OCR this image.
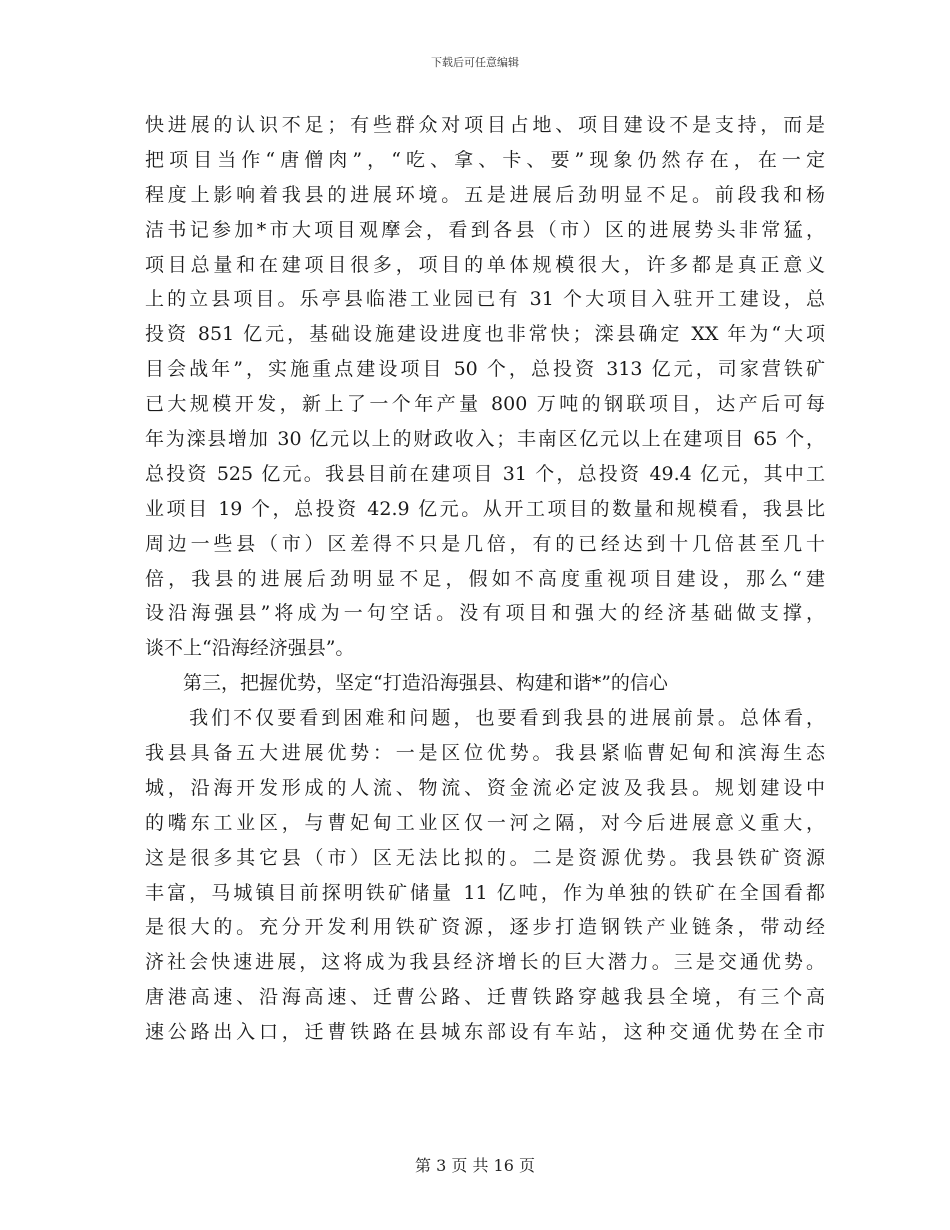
下载后可任意编辑
快进展的认识不足；有些群众对项目占地、项目建设不是支持，而是
把项目当作“唐僧肉”，“吃、拿、卡、要”现象仍然存在，在一定
程度上影响着我县的进展环境。五是进展后劲明显不足。前段我和杨
洁书记参加*市大项目观摩会，看到各县（市）区的进展势头非常猛，
项目总量和在建项目很多，项目的单体规模很大，许多都是真正意义
上的立县项目。乐亭县临港工业园已有 31 个大项目入驻开工建设，总
投资 851 亿元，基础设施建设进度也非常快；滦县确定 XX 年为“大项
目会战年”，实施重点建设项目 50 个，总投资 313 亿元，司家营铁矿
已大规模开发，新上了一个年产量 800 万吨的钢联项目，达产后可每
年为滦县增加 30 亿元以上的财政收入；丰南区亿元以上在建项目 65 个，
总投资 525 亿元。我县目前在建项目 31 个，总投资 49.4 亿元，其中工
业项目 19 个，总投资 42.9 亿元。从开工项目的数量和规模看，我县比
周边一些县（市）区差得不只是几倍，有的已经达到十几倍甚至几十
倍，我县的进展后劲明显不足，假如不高度重视项目建设，那么“建
设沿海强县”将成为一句空话。没有项目和强大的经济基础做支撑，
谈不上“沿海经济强县”。
　　第三，把握优势，坚定“打造沿海强县、构建和谐*”的信心
　　我们不仅要看到困难和问题，也要看到我县的进展前景。总体看，
我县具备五大进展优势：一是区位优势。我县紧临曹妃甸和滨海生态
城，沿海开发形成的人流、物流、资金流必定波及我县。规划建设中
的嘴东工业区，与曹妃甸工业区仅一河之隔，对今后进展意义重大，
这是很多其它县（市）区无法比拟的。二是资源优势。我县铁矿资源
丰富，马城镇目前探明铁矿储量 11 亿吨，作为单独的铁矿在全国看都
是很大的。充分开发利用铁矿资源，逐步打造钢铁产业链条，带动经
济社会快速进展，这将成为我县经济增长的巨大潜力。三是交通优势。
唐港高速、沿海高速、迁曹公路、迁曹铁路穿越我县全境，有三个高
速公路出入口，迁曹铁路在县城东部设有车站，这种交通优势在全市
第 3 页 共 16 页
